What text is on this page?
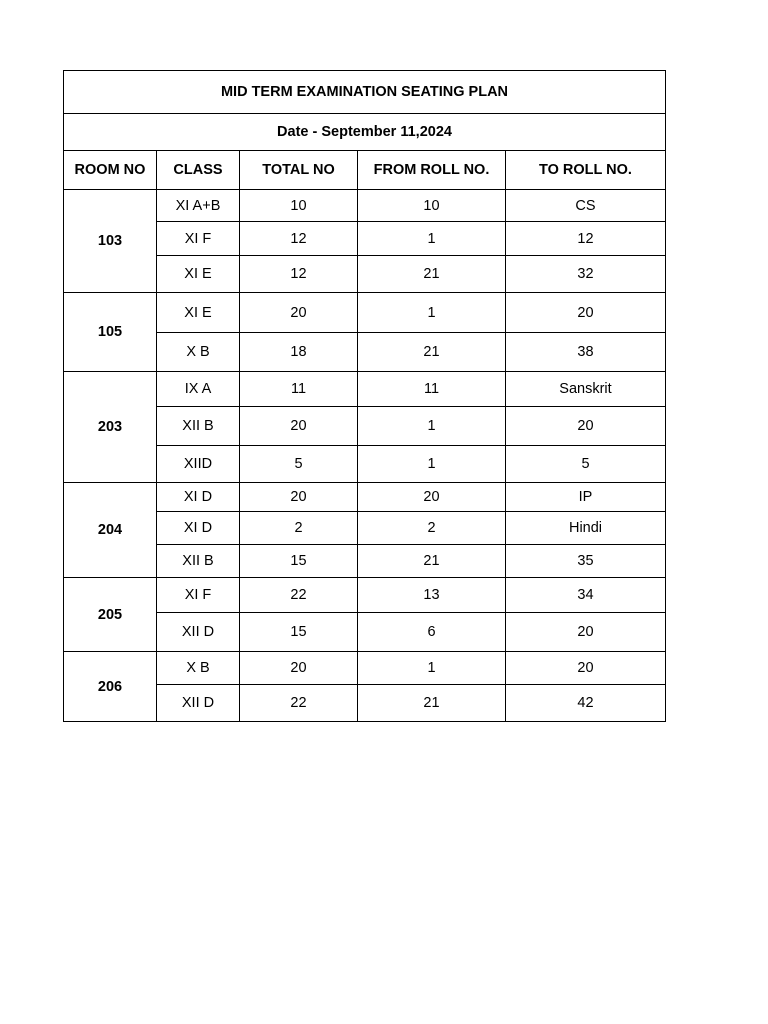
MID TERM EXAMINATION SEATING PLAN				
Date - September 11,2024				
ROOM NO	CLASS	TOTAL NO	FROM ROLL NO.	TO ROLL NO.
103	XI A+B	10	10	CS
	XI F	12	1	12
	XI E	12	21	32
105	XI E	20	1	20
	X B	18	21	38
203	IX A	11	11	Sanskrit
	XII B	20	1	20
	XIID	5	1	5
204	XI D	20	20	IP
	XI D	2	2	Hindi
	XII B	15	21	35
205	XI F	22	13	34
	XII D	15	6	20
206	X B	20	1	20
	XII D	22	21	42
